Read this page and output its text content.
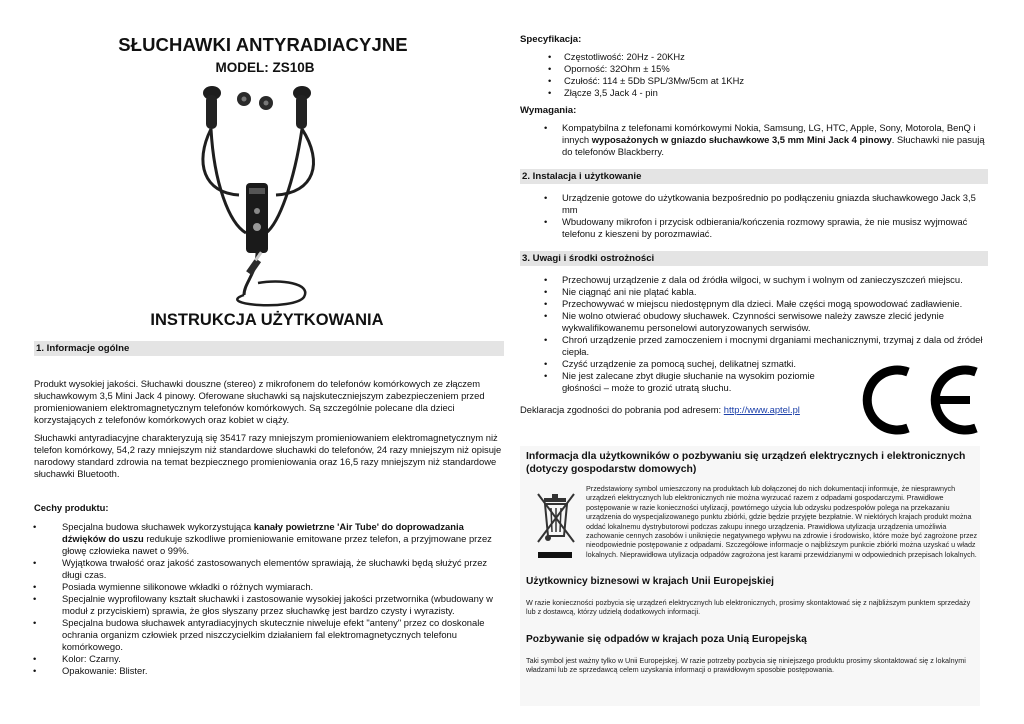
SŁUCHAWKI ANTYRADIACYJNE
MODEL: ZS10B
INSTRUKCJA UŻYTKOWANIA
1. Informacje ogólne

Produkt wysokiej jakości. Słuchawki douszne (stereo) z mikrofonem do telefonów komórkowych ze złączem słuchawkowym 3,5 Mini Jack 4 pinowy. Oferowane słuchawki są najskuteczniejszym zabezpieczeniem przed promieniowaniem elektromagnetycznym telefonów komórkowych. Są szczególnie polecane dla dzieci korzystających z telefonów komórkowych oraz kobiet w ciąży.

Słuchawki antyradiacyjne charakteryzują się 35417 razy mniejszym promieniowaniem elektromagnetycznym niż telefon komórkowy, 54,2 razy mniejszym niż standardowe słuchawki do telefonów, 24 razy mniejszym niż opisuje narodowy standard zdrowia na temat bezpiecznego promieniowania oraz 16,5 razy mniejszym niż standardowe słuchawki Bluetooth.

Cechy produktu:
• Specjalna budowa słuchawek wykorzystująca kanały powietrzne 'Air Tube' do doprowadzania dźwięków do uszu redukuje szkodliwe promieniowanie emitowane przez telefon, a przyjmowane przez głowę człowieka nawet o 99%.
• Wyjątkowa trwałość oraz jakość zastosowanych elementów sprawiają, że słuchawki będą służyć przez długi czas.
• Posiada wymienne silikonowe wkładki o różnych wymiarach.
• Specjalnie wyprofilowany kształt słuchawki i zastosowanie wysokiej jakości przetwornika (wbudowany w moduł z przyciskiem) sprawia, że głos słyszany przez słuchawkę jest bardzo czysty i wyrazisty.
• Specjalna budowa słuchawek antyradiacyjnych skutecznie niweluje efekt "anteny" przez co doskonale ochrania organizm człowiek przed niszczycielkim działaniem fal elektromagnetycznych telefonu komórkowego.
• Kolor: Czarny.
• Opakowanie: Blister.
Specyfikacja:
• Częstotliwość: 20Hz - 20KHz
• Oporność: 32Ohm ± 15%
• Czułość: 114 ± 5Db SPL/3Mw/5cm at 1KHz
• Złącze 3,5 Jack 4 - pin
Wymagania:
• Kompatybilna z telefonami komórkowymi Nokia, Samsung, LG, HTC, Apple, Sony, Motorola, BenQ i innych wyposażonych w gniazdo słuchawkowe 3,5 mm Mini Jack 4 pinowy. Słuchawki nie pasują do telefonów Blackberry.
2. Instalacja i użytkowanie
• Urządzenie gotowe do użytkowania bezpośrednio po podłączeniu gniazda słuchawkowego Jack 3,5 mm
• Wbudowany mikrofon i przycisk odbierania/kończenia rozmowy sprawia, że nie musisz wyjmować telefonu z kieszeni by porozmawiać.
3. Uwagi i środki ostrożności
• Przechowuj urządzenie z dala od źródła wilgoci, w suchym i wolnym od zanieczyszczeń miejscu.
• Nie ciągnąć ani nie plątać kabla.
• Przechowywać w miejscu niedostępnym dla dzieci. Małe części mogą spowodować zadławienie.
• Nie wolno otwierać obudowy słuchawek. Czynności serwisowe należy zawsze zlecić jedynie wykwalifikowanemu personelowi autoryzowanych serwisów.
• Chroń urządzenie przed zamoczeniem i mocnymi drganiami mechanicznymi, trzymaj z dala od źródeł ciepła.
• Czyść urządzenie za pomocą suchej, delikatnej szmatki.
• Nie jest zalecane zbyt długie słuchanie na wysokim poziomie głośności – może to grozić utratą słuchu.
Deklaracja zgodności do pobrania pod adresem: http://www.aptel.pl
Informacja dla użytkowników o pozbywaniu się urządzeń elektrycznych i elektronicznych (dotyczy gospodarstw domowych)
Przedstawiony symbol umieszczony na produktach lub dołączonej do nich dokumentacji informuje, że niesprawnych urządzeń elektrycznych lub elektronicznych nie można wyrzucać razem z odpadami gospodarczymi. Prawidłowe postępowanie w razie konieczności utylizacji, powtórnego użycia lub odzysku podzespołów polega na przekazaniu urządzenia do wyspecjalizowanego punktu zbiórki, gdzie będzie przyjęte bezpłatnie. W niektórych krajach produkt można oddać lokalnemu dystrybutorowi podczas zakupu innego urządzenia. Prawidłowa utylizacja urządzenia umożliwia zachowanie cennych zasobów i uniknięcie negatywnego wpływu na zdrowie i środowisko, które może być zagrożone przez nieodpowiednie postępowanie z odpadami. Szczegółowe informacje o najbliższym punkcie zbiórki można uzyskać u władz lokalnych. Nieprawidłowa utylizacja odpadów zagrożona jest karami przewidzianymi w odpowiednich przepisach lokalnych.
Użytkownicy biznesowi w krajach Unii Europejskiej
W razie konieczności pozbycia się urządzeń elektrycznych lub elektronicznych, prosimy skontaktować się z najbliższym punktem sprzedaży lub z dostawcą, którzy udzielą dodatkowych informacji.
Pozbywanie się odpadów w krajach poza Unią Europejską
Taki symbol jest ważny tylko w Unii Europejskej. W razie potrzeby pozbycia się niniejszego produktu prosimy skontaktować się z lokalnymi władzami lub ze sprzedawcą celem uzyskania informacji o prawidłowym sposobie postępowania.
